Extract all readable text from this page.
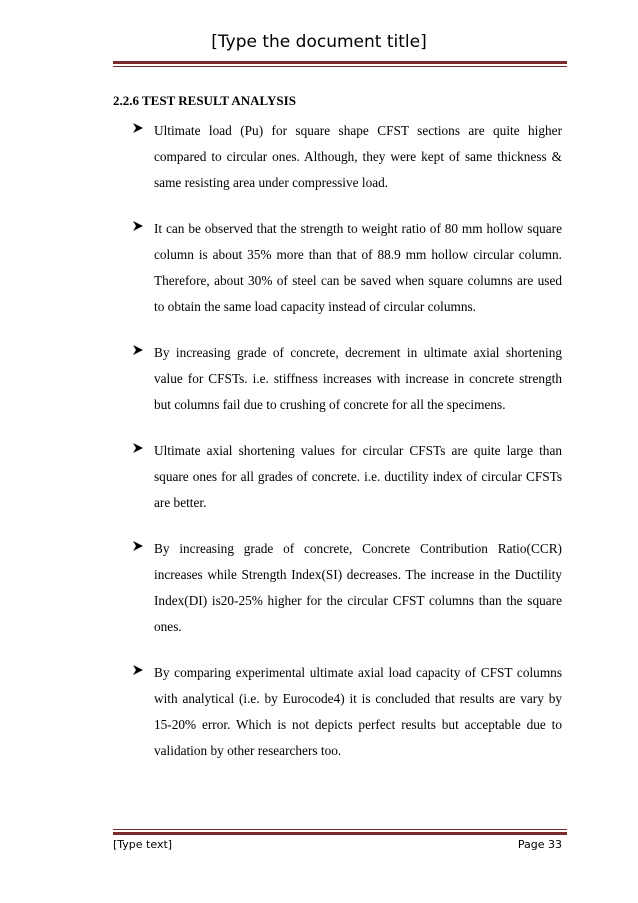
[Type the document title]
2.2.6 TEST RESULT ANALYSIS

Ultimate load (Pu) for square shape CFST sections are quite higher compared to circular ones. Although, they were kept of same thickness & same resisting area under compressive load.

It can be observed that the strength to weight ratio of 80 mm hollow square column is about 35% more than that of 88.9 mm hollow circular column. Therefore, about 30% of steel can be saved when square columns are used to obtain the same load capacity instead of circular columns.

By increasing grade of concrete, decrement in ultimate axial shortening value for CFSTs. i.e. stiffness increases with increase in concrete strength but columns fail due to crushing of concrete for all the specimens.

Ultimate axial shortening values for circular CFSTs are quite large than square ones for all grades of concrete. i.e. ductility index of circular CFSTs are better.

By increasing grade of concrete, Concrete Contribution Ratio(CCR) increases while Strength Index(SI) decreases. The increase in the Ductility Index(DI) is20-25% higher for the circular CFST columns than the square ones.

By comparing experimental ultimate axial load capacity of CFST columns with analytical (i.e. by Eurocode4) it is concluded that results are vary by 15-20% error. Which is not depicts perfect results but acceptable due to validation by other researchers too.

[Type text]	Page 33
